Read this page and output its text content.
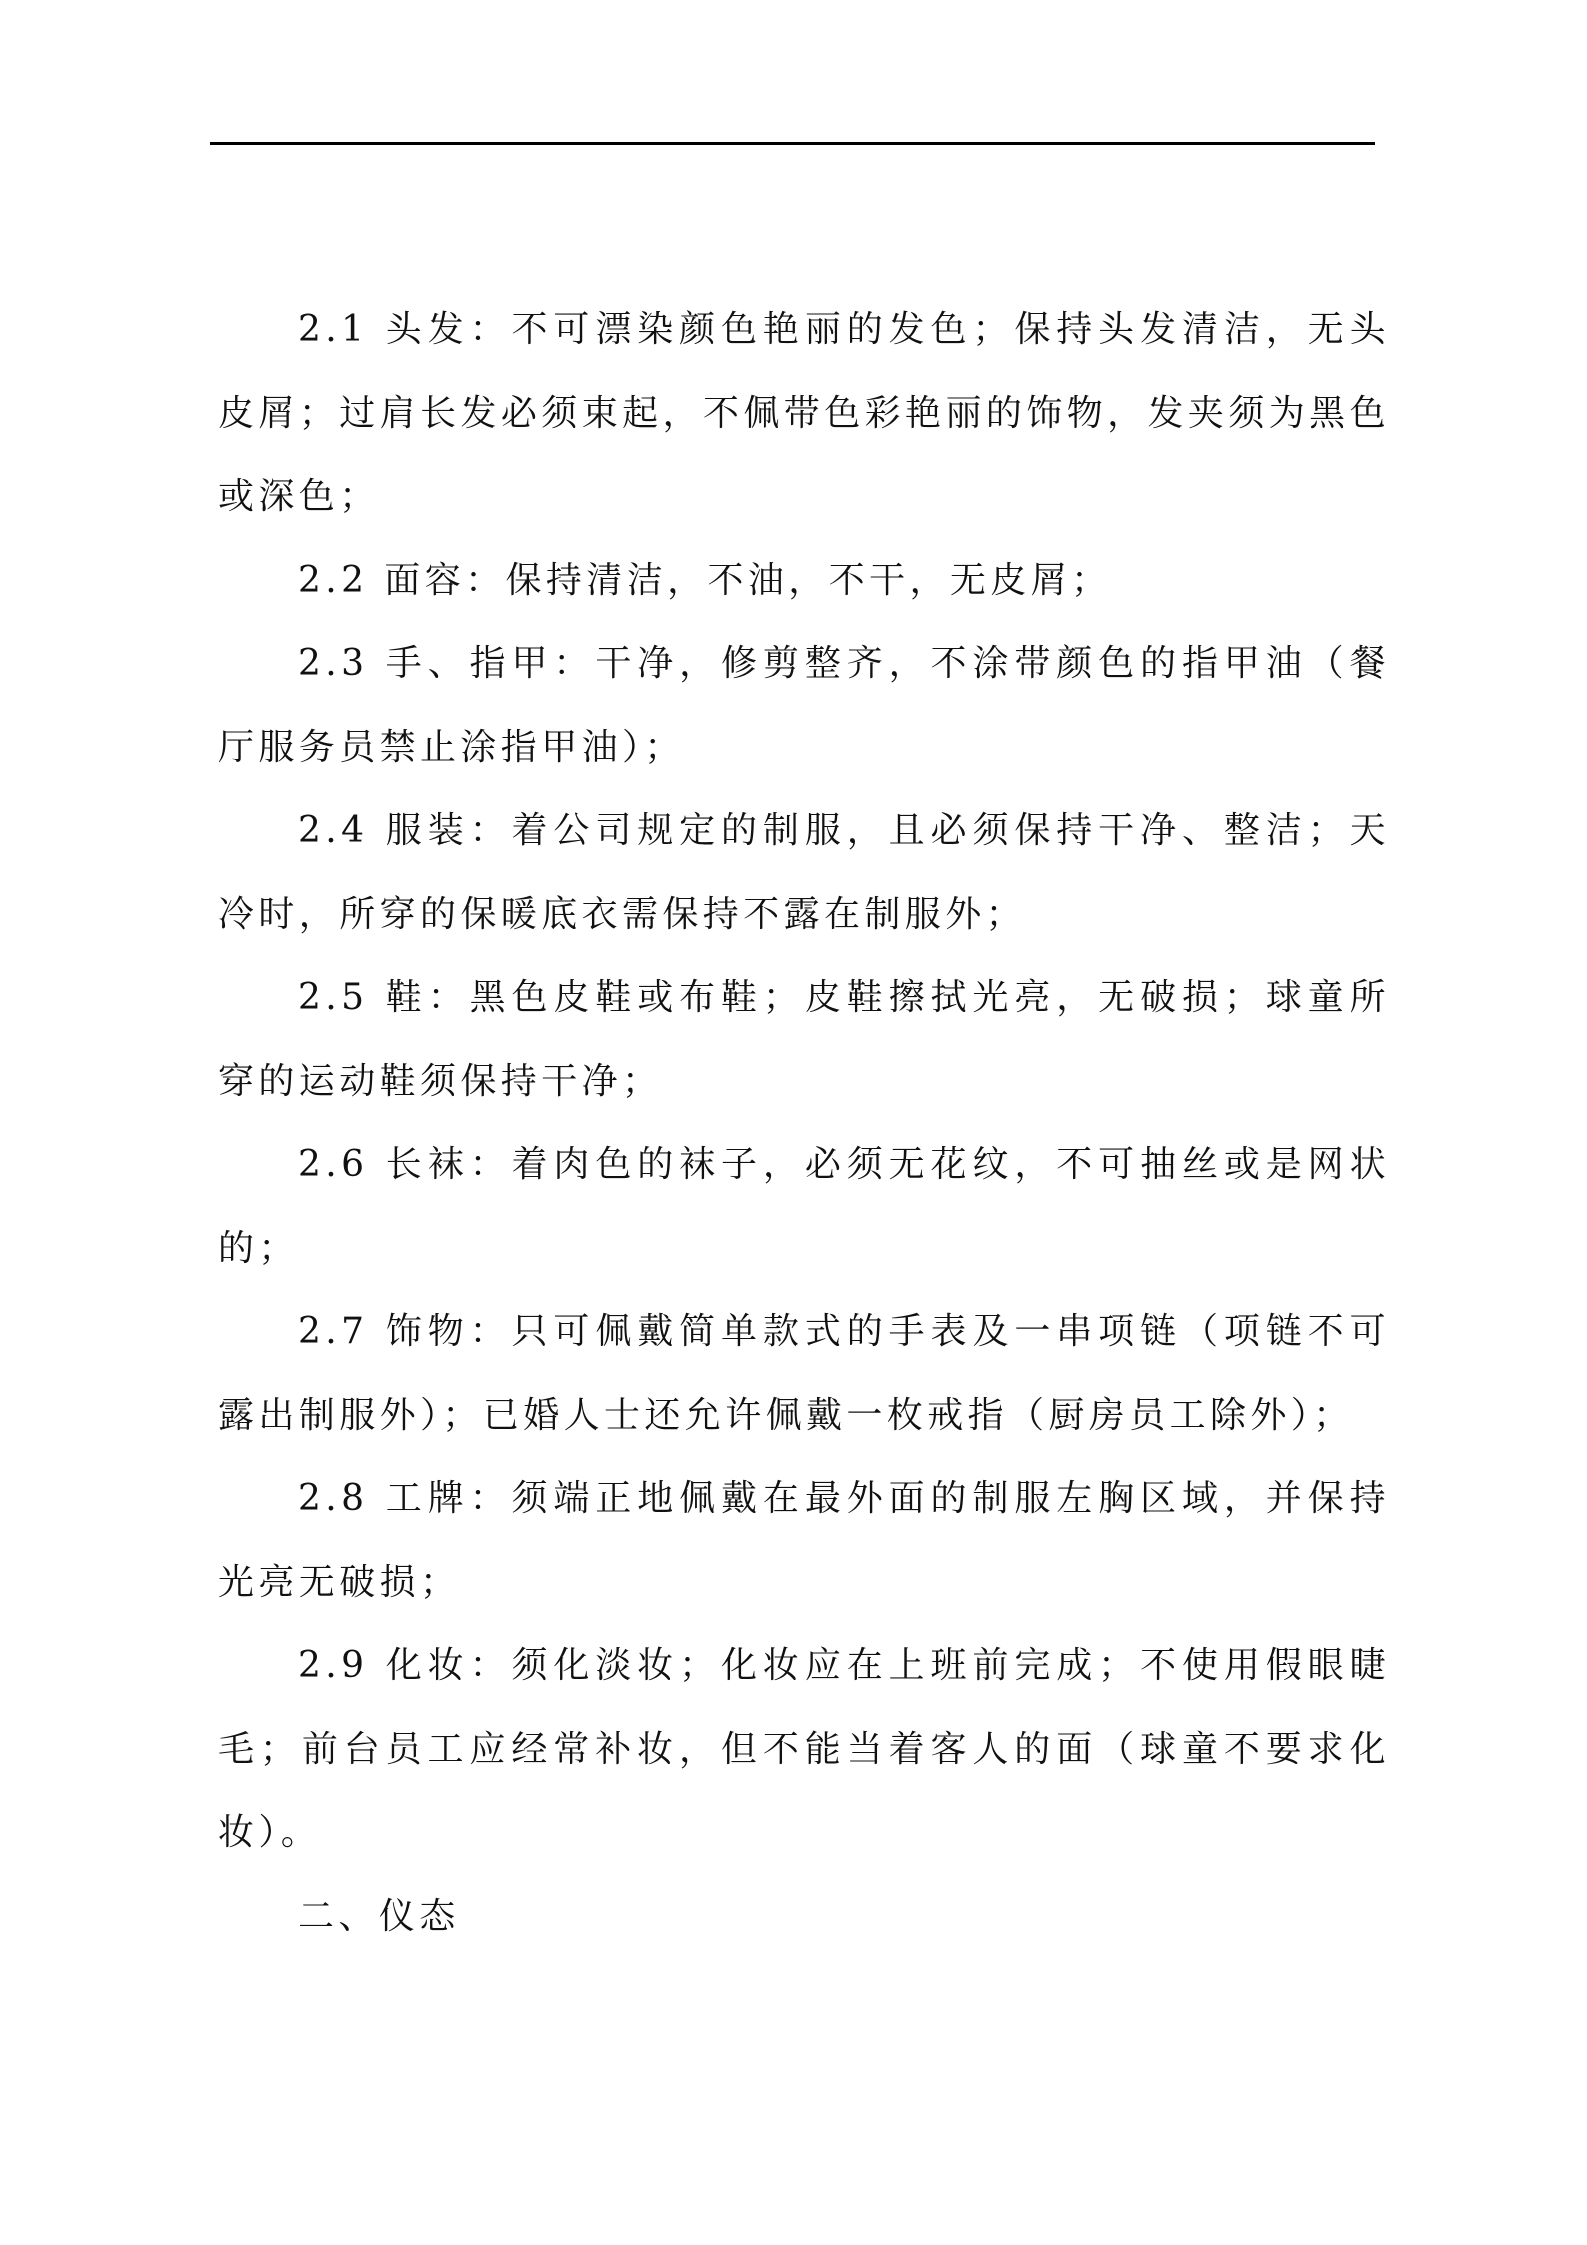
2.1 头发：不可漂染颜色艳丽的发色；保持头发清洁，无头皮屑；过肩长发必须束起，不佩带色彩艳丽的饰物，发夹须为黑色或深色；

2.2 面容：保持清洁，不油，不干，无皮屑；

2.3 手、指甲：干净，修剪整齐，不涂带颜色的指甲油（餐厅服务员禁止涂指甲油）；

2.4 服装：着公司规定的制服，且必须保持干净、整洁；天冷时，所穿的保暖底衣需保持不露在制服外；

2.5 鞋：黑色皮鞋或布鞋；皮鞋擦拭光亮，无破损；球童所穿的运动鞋须保持干净；

2.6 长袜：着肉色的袜子，必须无花纹，不可抽丝或是网状的；

2.7 饰物：只可佩戴简单款式的手表及一串项链（项链不可露出制服外）；已婚人士还允许佩戴一枚戒指（厨房员工除外）；

2.8 工牌：须端正地佩戴在最外面的制服左胸区域，并保持光亮无破损；

2.9 化妆：须化淡妆；化妆应在上班前完成；不使用假眼睫毛；前台员工应经常补妆，但不能当着客人的面（球童不要求化妆）。

二、仪态
